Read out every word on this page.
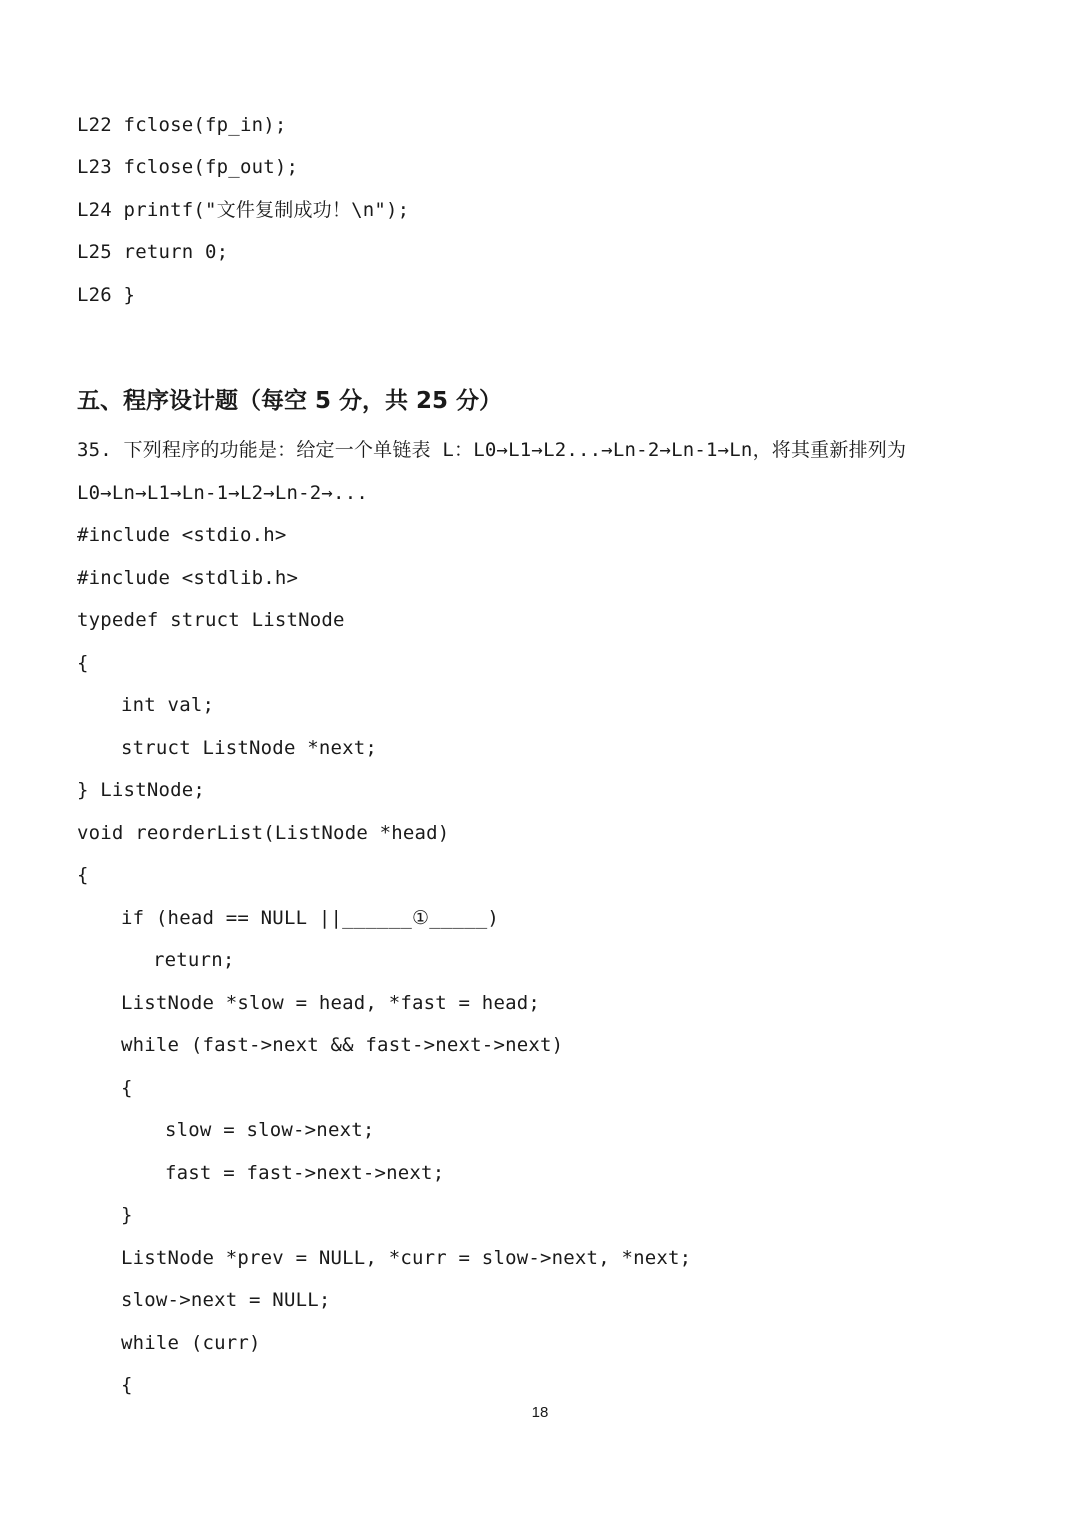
L22 fclose(fp_in);
L23 fclose(fp_out);
L24 printf("文件复制成功！\n");
L25 return 0;
L26 }
五、程序设计题（每空 5 分，共 25 分）
35. 下列程序的功能是：给定一个单链表 L：L0→L1→L2...→Ln-2→Ln-1→Ln，将其重新排列为
L0→Ln→L1→Ln-1→L2→Ln-2→...
#include <stdio.h>
#include <stdlib.h>
typedef struct ListNode
{
int val;
struct ListNode *next;
} ListNode;
void reorderList(ListNode *head)
{
if (head == NULL ||______①_____)
return;
ListNode *slow = head, *fast = head;
while (fast->next && fast->next->next)
{
slow = slow->next;
fast = fast->next->next;
}
ListNode *prev = NULL, *curr = slow->next, *next;
slow->next = NULL;
while (curr)
{
18
